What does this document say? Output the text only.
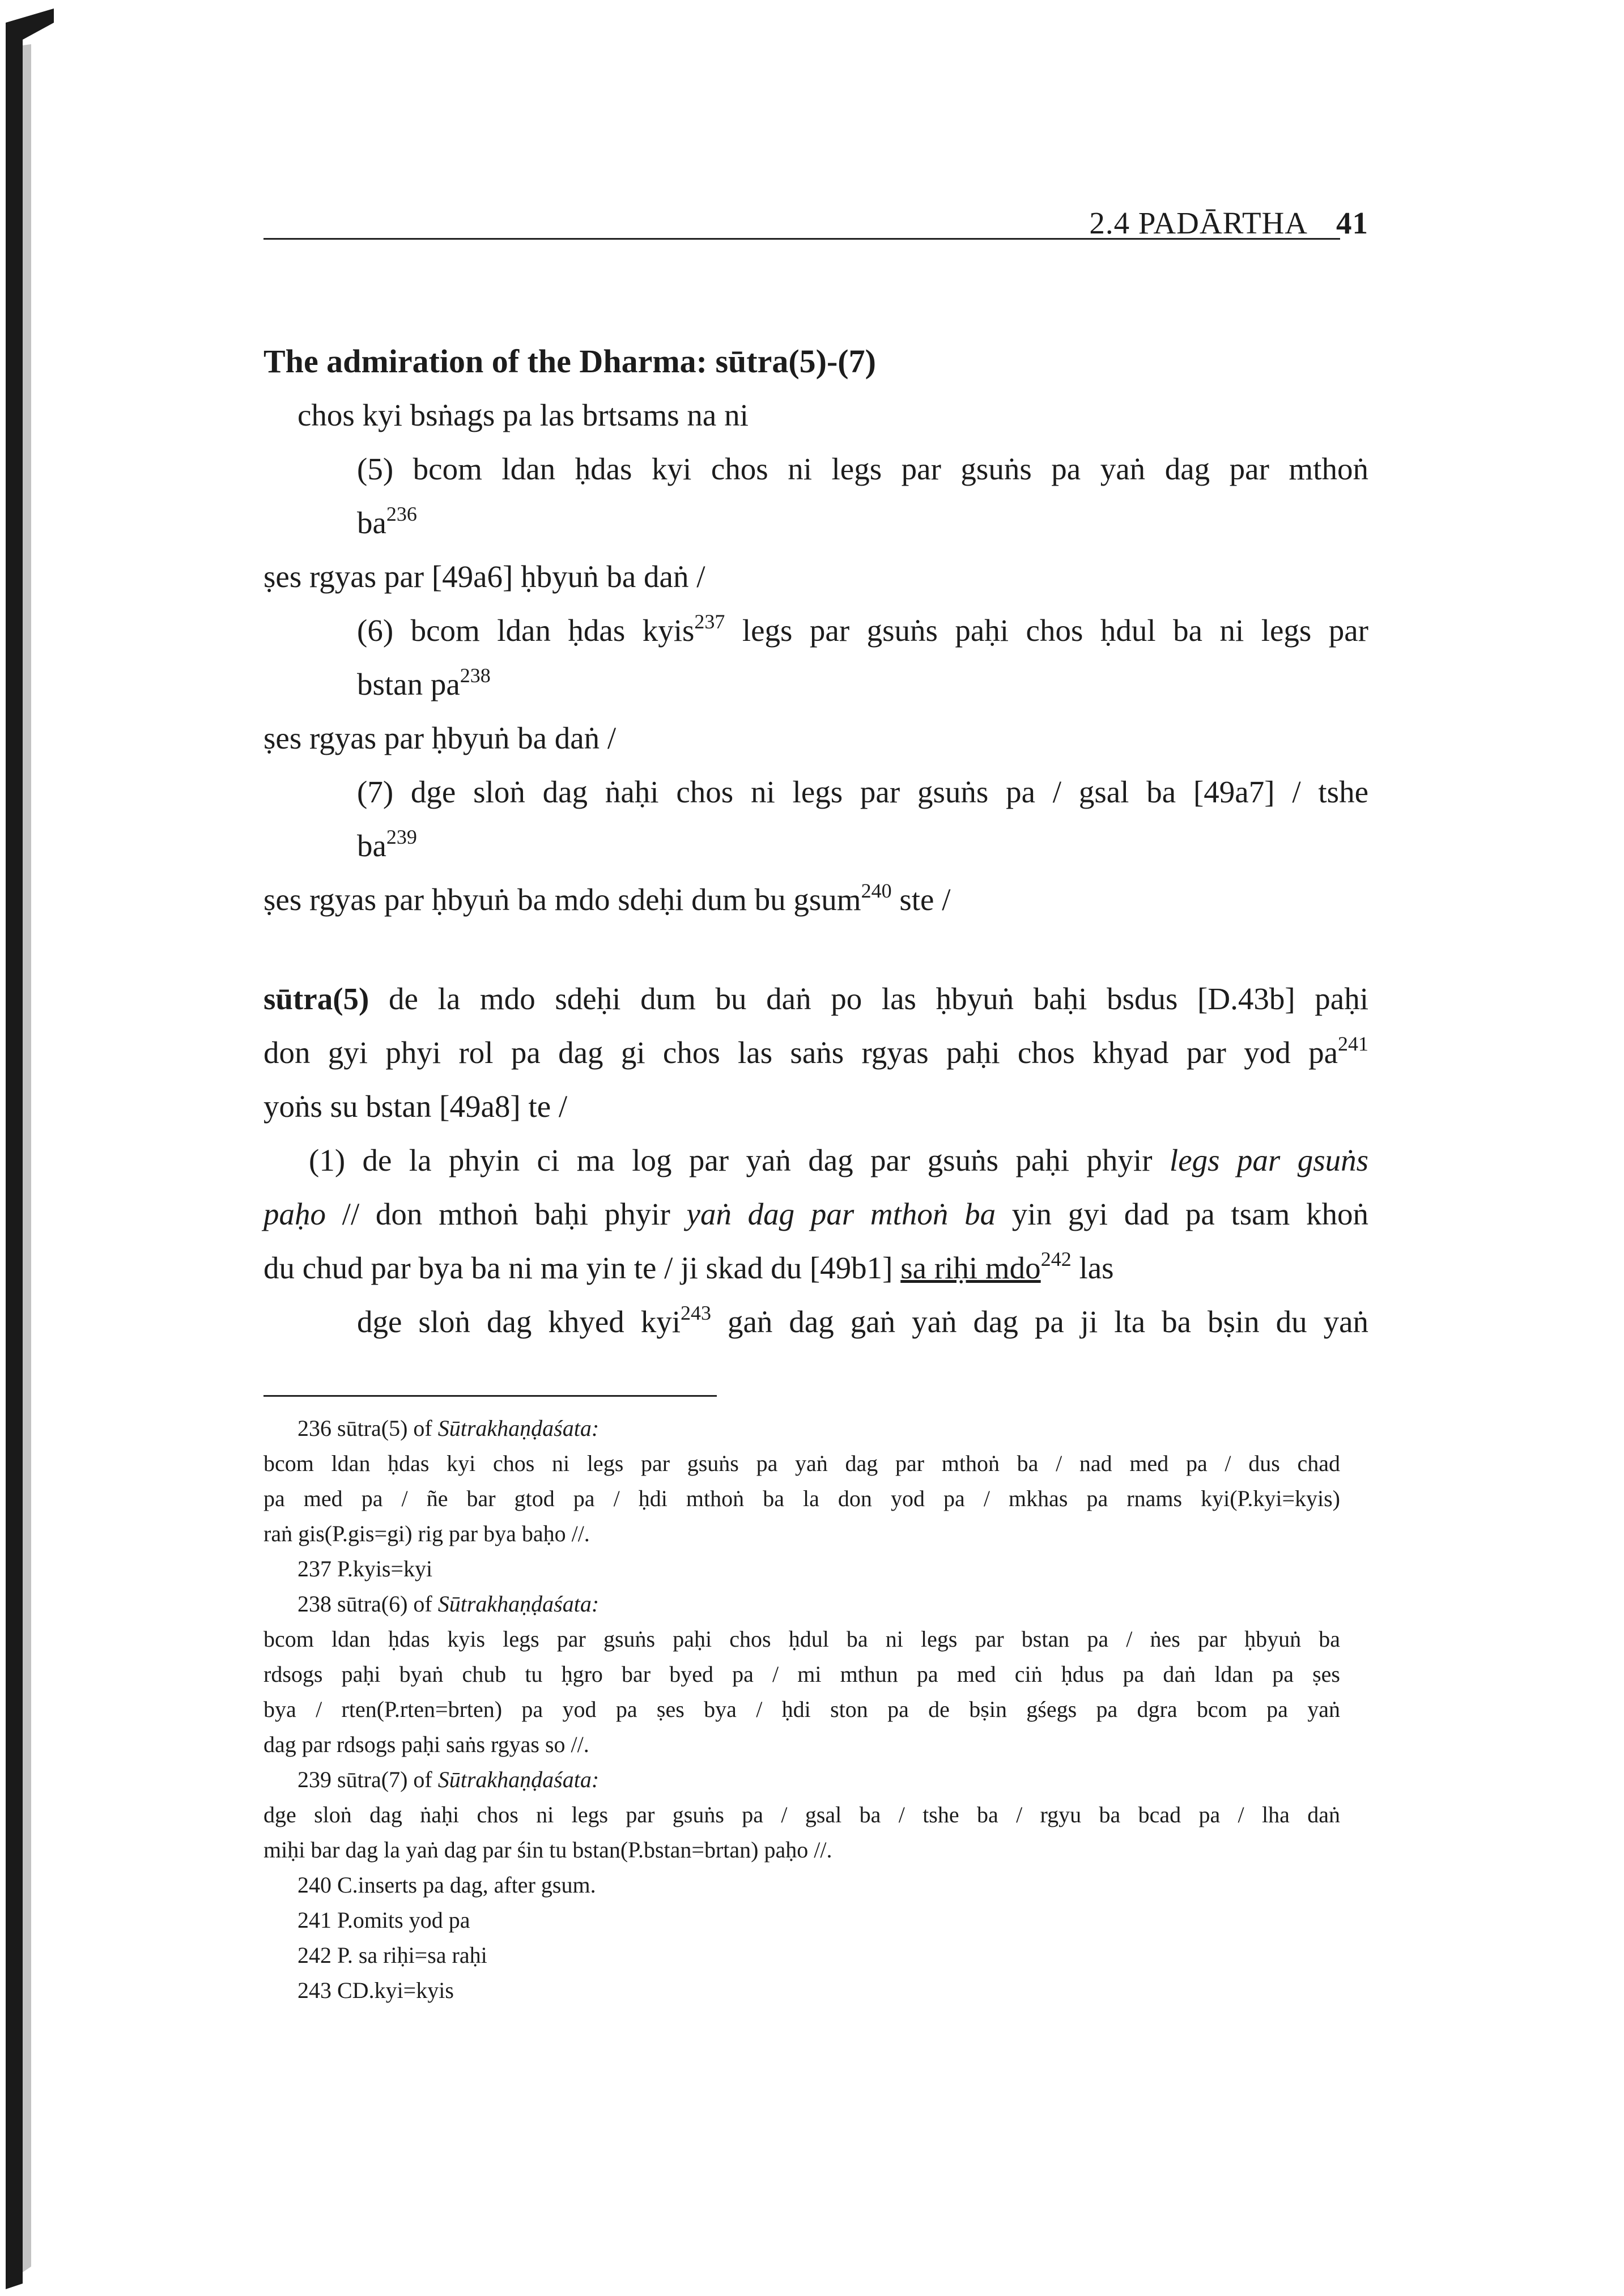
2.4 PADĀRTHA 41
The admiration of the Dharma: sūtra(5)-(7)
chos kyi bsṅags pa las brtsams na ni
(5) bcom ldan ḥdas kyi chos ni legs par gsuṅs pa yaṅ dag par mthoṅ
$ba^{236}$
ṣes rgyas par [49a6] ḥbyuṅ ba daṅ /
(6) bcom ldan ḥdas kyis$^{237}$ legs par gsuṅs paḥi chos ḥdul ba ni legs par
bstan $pa^{238}$
ṣes rgyas par ḥbyuṅ ba daṅ /
(7) dge sloṅ dag ṅaḥi chos ni legs par gsuṅs pa / gsal ba [49a7] / tshe
$ba^{239}$
ṣes rgyas par ḥbyuṅ ba mdo sdeḥi dum bu gsum$^{240}$ ste /
sūtra(5) de la mdo sdeḥi dum bu daṅ po las ḥbyuṅ baḥi bsdus [D.43b] paḥi
don gyi phyi rol pa dag gi chos las saṅs rgyas paḥi chos khyad par yod $pa^{241}$
yoṅs su bstan [49a8] te /
(1) de la phyin ci ma log par yaṅ dag par gsuṅs paḥi phyir legs par gsuṅs
paḥo // don mthoṅ baḥi phyir yaṅ dag par mthoṅ ba yin gyi dad pa tsam khoṅ
du chud par bya ba ni ma yin te / ji skad du [49b1] sa riḥi mdo$^{242}$ las
dge sloṅ dag khyed kyi$^{243}$ gaṅ dag gaṅ yaṅ dag pa ji lta ba bṣin du yaṅ
236 sūtra(5) of Sūtrakhaṇḍaśata:
bcom ldan ḥdas kyi chos ni legs par gsuṅs pa yaṅ dag par mthoṅ ba / nad med pa / dus chad
pa med pa / ñe bar gtod pa / ḥdi mthoṅ ba la don yod pa / mkhas pa rnams kyi(P.kyi=kyis)
raṅ gis(P.gis=gi) rig par bya baḥo //.
237 P.kyis=kyi
238 sūtra(6) of Sūtrakhaṇḍaśata:
bcom ldan ḥdas kyis legs par gsuṅs paḥi chos ḥdul ba ni legs par bstan pa / ṅes par ḥbyuṅ ba
rdsogs paḥi byaṅ chub tu ḥgro bar byed pa / mi mthun pa med ciṅ ḥdus pa daṅ ldan pa ṣes
bya / rten(P.rten=brten) pa yod pa ṣes bya / ḥdi ston pa de bṣin gśegs pa dgra bcom pa yaṅ
dag par rdsogs paḥi saṅs rgyas so //.
239 sūtra(7) of Sūtrakhaṇḍaśata:
dge sloṅ dag ṅaḥi chos ni legs par gsuṅs pa / gsal ba / tshe ba / rgyu ba bcad pa / lha daṅ
miḥi bar dag la yaṅ dag par śin tu bstan(P.bstan=brtan) paḥo //.
240 C.inserts pa dag, after gsum.
241 P.omits yod pa
242 P. sa riḥi=sa raḥi
243 CD.kyi=kyis
